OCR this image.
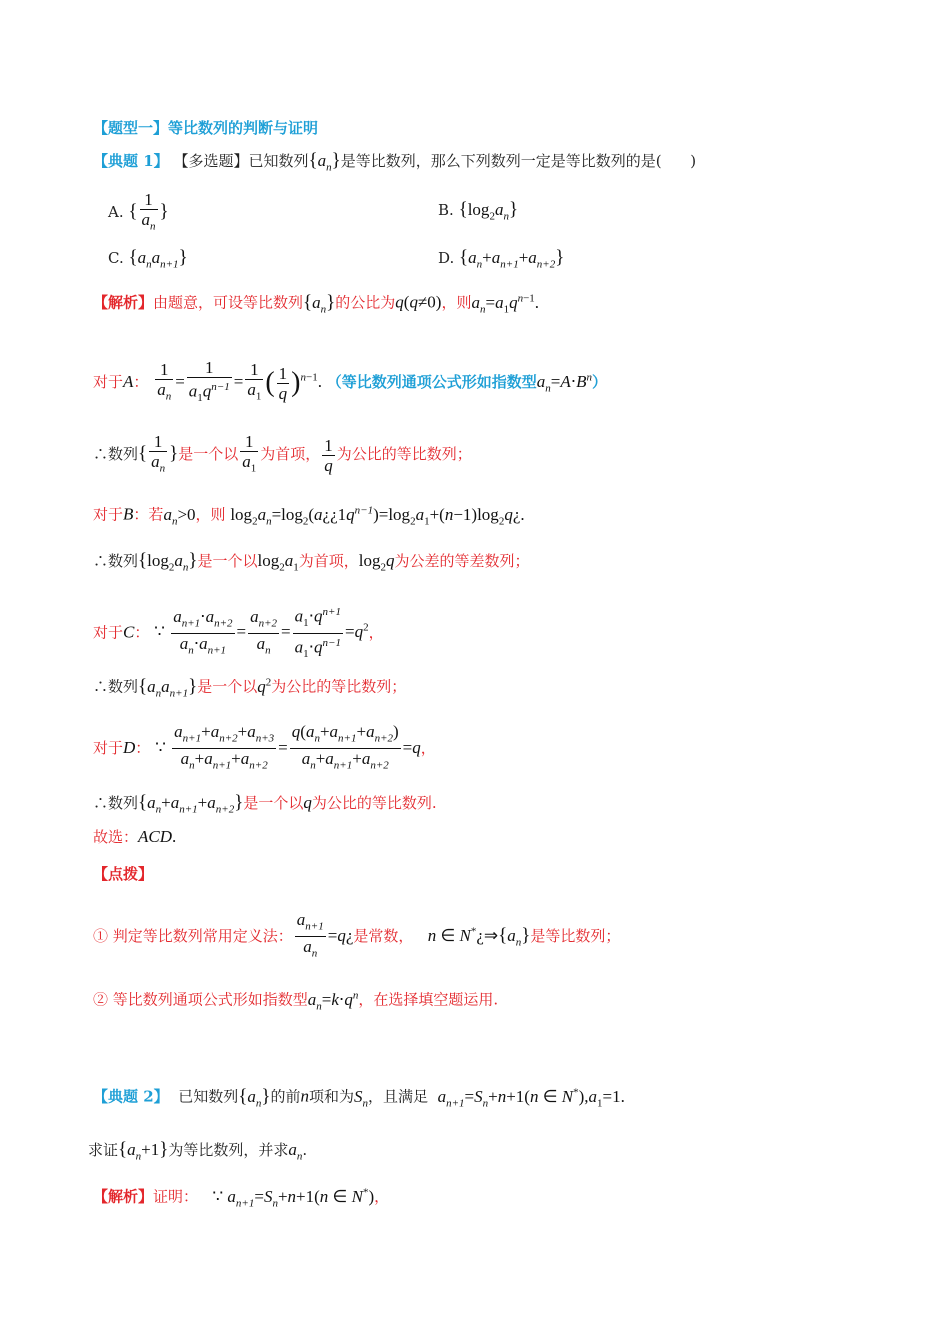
【题型一】等比数列的判断与证明
【典题 1】 【多选题】已知数列$\{a_n\}$是等比数列，那么下列数列一定是等比数列的是( )
A. { $\frac{1}{a_n}$ }	B. $\{\log_2a_n\}$
C. $\{a_na_{n+1}\}$	D. $\{a_n+a_{n+1}+a_{n+2}\}$
【解析】由题意，可设等比数列$\{a_n\}$的公比为q(q≠0)，则$a_n=a_1q^{n-1}$.
对于A： $\frac{1}{a_n} = \frac{1}{a_1q^{n-1}} = \frac{1}{a_1}$ ( $\frac{1}{q} )^{n-1}$. （等比数列通项公式形如指数型$a_n=A\cdot B^n$）
∴数列{ $\frac{1}{a_n}$ }是一个以 $\frac{1}{a_1}$ 为首项， $\frac{1}{q}$ 为公比的等比数列；
对于B：若$a_n>0$，则 $\log_2a_n=\log_2(a¿¿1q^{n-1})=\log_2a_1+(n-1)\log_2q¿$.
∴数列$\{\log_2a_n\}$是一个以$\log_2a_1$为首项，$\log_2q$为公差的等差数列；
对于C： ∵ $\frac{a_{n+1}\cdot a_{n+2}}{a_n\cdot a_{n+1}} = \frac{a_{n+2}}{a_n} = \frac{a_1\cdot q^{n+1}}{a_1\cdot q^{n-1}} =q^2$，
∴数列$\{a_na_{n+1}\}$是一个以$q^2$为公比的等比数列；
对于D： ∵ $\frac{a_{n+1}+a_{n+2}+a_{n+3}}{a_n+a_{n+1}+a_{n+2}} = \frac{q(a_n+a_{n+1}+a_{n+2})}{a_n+a_{n+1}+a_{n+2}} =q$，
∴数列$\{a_n+a_{n+1}+a_{n+2}\}$是一个以q为公比的等比数列.
故选：ACD.
【点拨】
① 判定等比数列常用定义法： $\frac{a_{n+1}}{a_n}$ =q¿是常数， n ∈ $N^*¿\Rightarrow\{a_n\}$是等比数列；
② 等比数列通项公式形如指数型$a_n=k\cdot q^n$，在选择填空题运用.
【典题 2】 已知数列$\{a_n\}$的前n项和为$S_n$，且满足 $a_{n+1}=S_n+n+1(n$ ∈ $N^*),a_1=1$.
求证$\{a_n+1\}$为等比数列，并求$a_n$.
【解析】证明： ∵ $a_{n+1}=S_n+n+1(n$ ∈ N*)，
